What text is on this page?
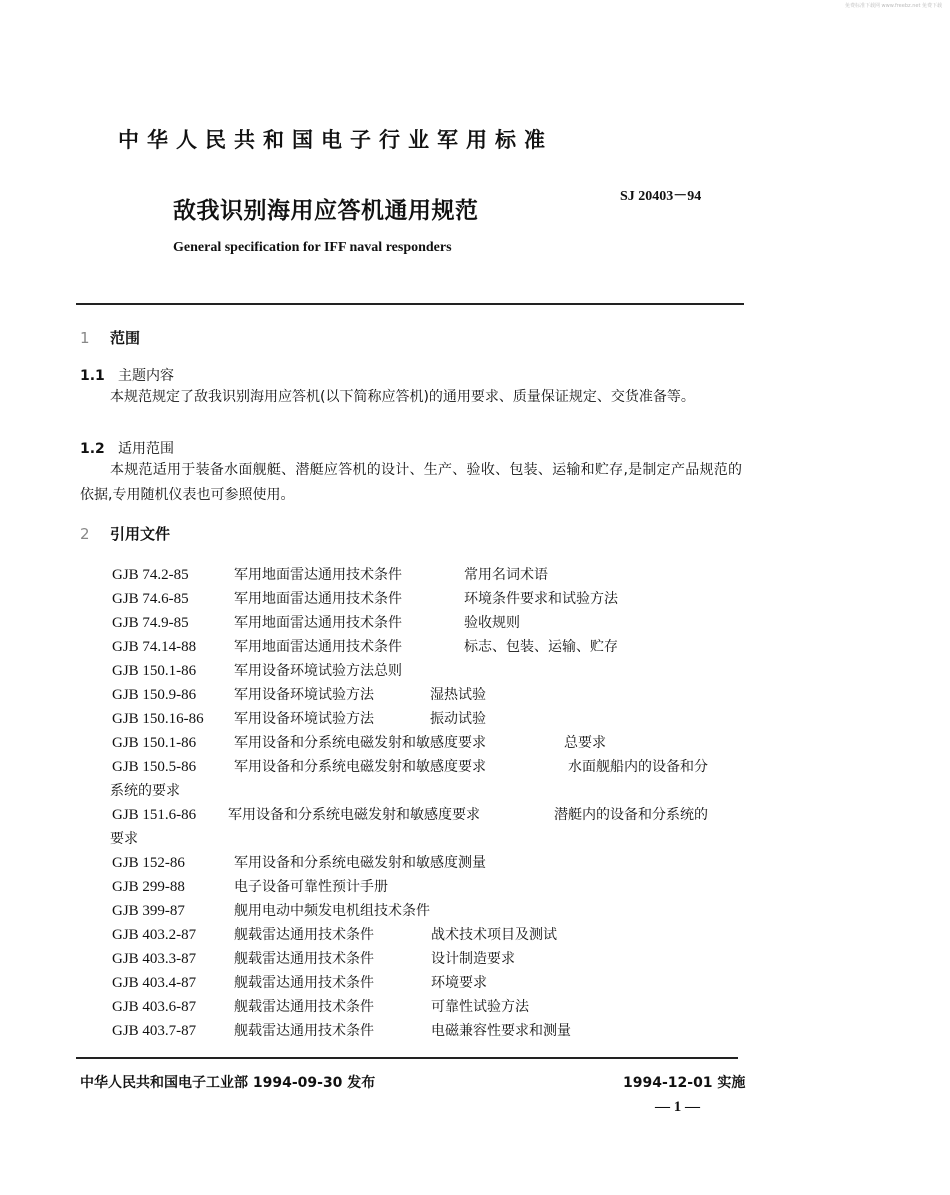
免费标准下载网 www.freebz.net 免费下载
中华人民共和国电子行业军用标准
敌我识别海用应答机通用规范
SJ 20403－94
General specification for IFF naval responders
1 范围
1.1 主题内容
本规范规定了敌我识别海用应答机(以下简称应答机)的通用要求、质量保证规定、交货准备等。
1.2 适用范围
本规范适用于装备水面舰艇、潜艇应答机的设计、生产、验收、包装、运输和贮存,是制定产品规范的依据,专用随机仪表也可参照使用。
2 引用文件
GJB 74.2-85	军用地面雷达通用技术条件	常用名词术语
GJB 74.6-85	军用地面雷达通用技术条件	环境条件要求和试验方法
GJB 74.9-85	军用地面雷达通用技术条件	验收规则
GJB 74.14-88	军用地面雷达通用技术条件	标志、包装、运输、贮存
GJB 150.1-86	军用设备环境试验方法总则
GJB 150.9-86	军用设备环境试验方法	湿热试验
GJB 150.16-86 军用设备环境试验方法	振动试验
GJB 150.1-86	军用设备和分系统电磁发射和敏感度要求	总要求
GJB 150.5-86	军用设备和分系统电磁发射和敏感度要求	水面舰船内的设备和分
系统的要求
GJB 151.6-86 军用设备和分系统电磁发射和敏感度要求	潜艇内的设备和分系统的
要求
GJB 152-86	军用设备和分系统电磁发射和敏感度测量
GJB 299-88	电子设备可靠性预计手册
GJB 399-87	舰用电动中频发电机组技术条件
GJB 403.2-87	舰载雷达通用技术条件	战术技术项目及测试
GJB 403.3-87	舰载雷达通用技术条件	设计制造要求
GJB 403.4-87	舰载雷达通用技术条件	环境要求
GJB 403.6-87	舰载雷达通用技术条件	可靠性试验方法
GJB 403.7-87	舰载雷达通用技术条件	电磁兼容性要求和测量
中华人民共和国电子工业部 1994-09-30 发布	1994-12-01 实施
— 1 —
